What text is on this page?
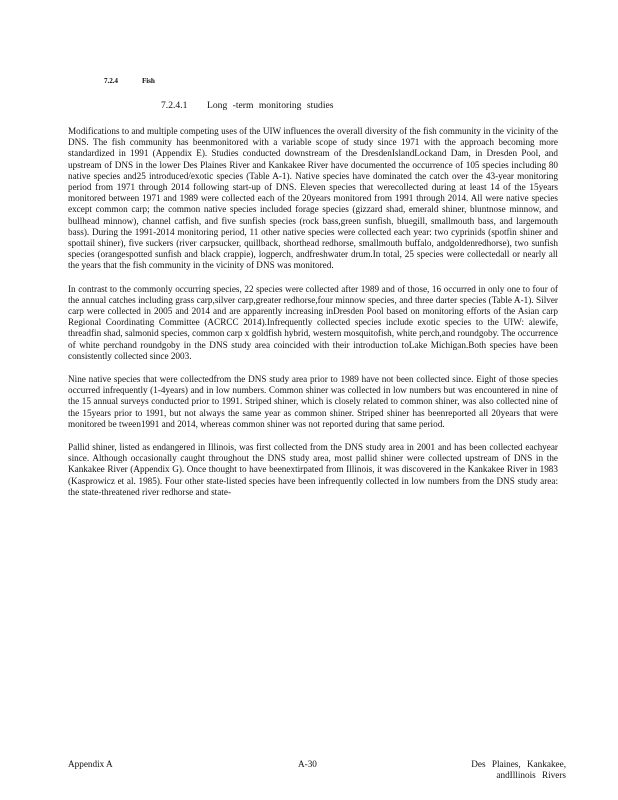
7.2.4	Fish
7.2.4.1 Long -term monitoring studies

Modifications to and multiple competing uses of the UIW influences the overall diversity of the fish community in the vicinity of the DNS. The fish community has beenmonitored with a variable scope of study since 1971 with the approach becoming more standardized in 1991 (Appendix E). Studies conducted downstream of the DresdenIslandLockand Dam, in Dresden Pool, and upstream of DNS in the lower Des Plaines River and Kankakee River have documented the occurrence of 105 species including 80 native species and25 introduced/exotic species (Table A-1). Native species have dominated the catch over the 43-year monitoring period from 1971 through 2014 following start-up of DNS. Eleven species that werecollected during at least 14 of the 15years monitored between 1971 and 1989 were collected each of the 20years monitored from 1991 through 2014. All were native species except common carp; the common native species included forage species (gizzard shad, emerald shiner, bluntnose minnow, and bullhead minnow), channel catfish, and five sunfish species (rock bass,green sunfish, bluegill, smallmouth bass, and largemouth bass). During the 1991-2014 monitoring period, 11 other native species were collected each year: two cyprinids (spotfin shiner and spottail shiner), five suckers (river carpsucker, quillback, shorthead redhorse, smallmouth buffalo, andgoldenredhorse), two sunfish species (orangespotted sunfish and black crappie), logperch, andfreshwater drum.In total, 25 species were collectedall or nearly all the years that the fish community in the vicinity of DNS was monitored.

In contrast to the commonly occurring species, 22 species were collected after 1989 and of those, 16 occurred in only one to four of the annual catches including grass carp,silver carp,greater redhorse,four minnow species, and three darter species (Table A-1). Silver carp were collected in 2005 and 2014 and are apparently increasing inDresden Pool based on monitoring efforts of the Asian carp Regional Coordinating Committee (ACRCC 2014).Infrequently collected species include exotic species to the UIW: alewife, threadfin shad, salmonid species, common carp x goldfish hybrid, western mosquitofish, white perch,and roundgoby. The occurrence of white perchand roundgoby in the DNS study area coincided with their introduction toLake Michigan.Both species have been consistently collected since 2003.

Nine native species that were collectedfrom the DNS study area prior to 1989 have not been collected since. Eight of those species occurred infrequently (1-4years) and in low numbers. Common shiner was collected in low numbers but was encountered in nine of the 15 annual surveys conducted prior to 1991. Striped shiner, which is closely related to common shiner, was also collected nine of the 15years prior to 1991, but not always the same year as common shiner. Striped shiner has beenreported all 20years that were monitored be tween1991 and 2014, whereas common shiner was not reported during that same period.

Pallid shiner, listed as endangered in Illinois, was first collected from the DNS study area in 2001 and has been collected eachyear since. Although occasionally caught throughout the DNS study area, most pallid shiner were collected upstream of DNS in the Kankakee River (Appendix G). Once thought to have beenextirpated from Illinois, it was discovered in the Kankakee River in 1983 (Kasprowicz et al. 1985). Four other state-listed species have been infrequently collected in low numbers from the DNS study area: the state-threatened river redhorse and state-

Appendix A	A-30	Des Plaines, Kankakee,
andIllinois Rivers
